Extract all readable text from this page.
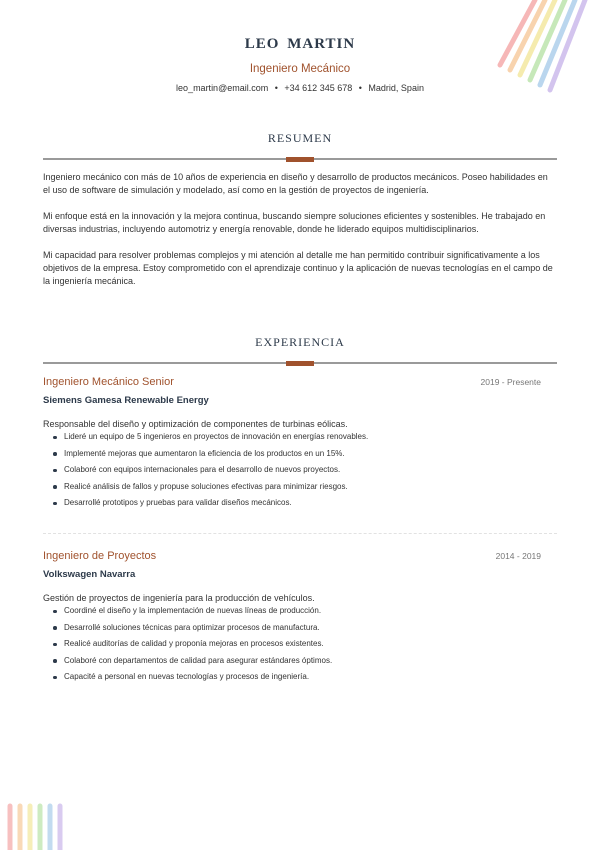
LEO MARTIN
Ingeniero Mecánico
leo_martin@email.com • +34 612 345 678 • Madrid, Spain
RESUMEN

Ingeniero mecánico con más de 10 años de experiencia en diseño y desarrollo de productos mecánicos. Poseo habilidades en el uso de software de simulación y modelado, así como en la gestión de proyectos de ingeniería.

Mi enfoque está en la innovación y la mejora continua, buscando siempre soluciones eficientes y sostenibles. He trabajado en diversas industrias, incluyendo automotriz y energía renovable, donde he liderado equipos multidisciplinarios.

Mi capacidad para resolver problemas complejos y mi atención al detalle me han permitido contribuir significativamente a los objetivos de la empresa. Estoy comprometido con el aprendizaje continuo y la aplicación de nuevas tecnologías en el campo de la ingeniería mecánica.

EXPERIENCIA
Ingeniero Mecánico Senior	2019 - Presente
Siemens Gamesa Renewable Energy
Responsable del diseño y optimización de componentes de turbinas eólicas.
Lideré un equipo de 5 ingenieros en proyectos de innovación en energías renovables.
Implementé mejoras que aumentaron la eficiencia de los productos en un 15%.
Colaboré con equipos internacionales para el desarrollo de nuevos proyectos.
Realicé análisis de fallos y propuse soluciones efectivas para minimizar riesgos.
Desarrollé prototipos y pruebas para validar diseños mecánicos.
Ingeniero de Proyectos	2014 - 2019
Volkswagen Navarra
Gestión de proyectos de ingeniería para la producción de vehículos.
Coordiné el diseño y la implementación de nuevas líneas de producción.
Desarrollé soluciones técnicas para optimizar procesos de manufactura.
Realicé auditorías de calidad y proponía mejoras en procesos existentes.
Colaboré con departamentos de calidad para asegurar estándares óptimos.
Capacité a personal en nuevas tecnologías y procesos de ingeniería.
